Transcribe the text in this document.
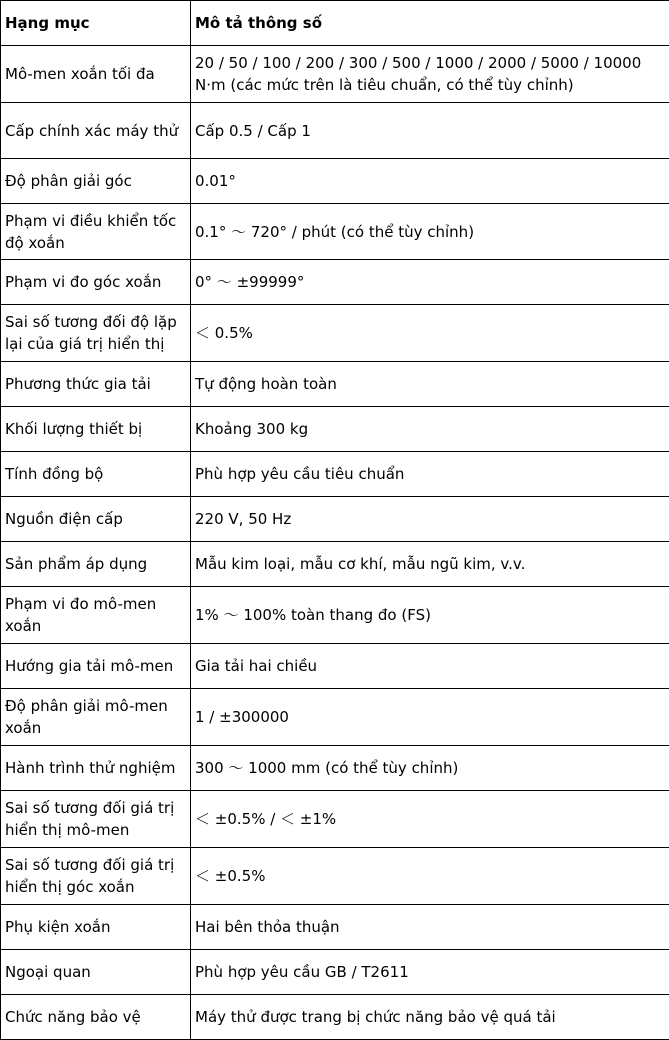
Hạng mục	Mô tả thông số
Mô-men xoắn tối đa	20 / 50 / 100 / 200 / 300 / 500 / 1000 / 2000 / 5000 / 10000 N·m (các mức trên là tiêu chuẩn, có thể tùy chỉnh)
Cấp chính xác máy thử	Cấp 0.5 / Cấp 1
Độ phân giải góc	0.01°
Phạm vi điều khiển tốc độ xoắn	0.1° ～ 720° / phút (có thể tùy chỉnh)
Phạm vi đo góc xoắn	0° ～ ±99999°
Sai số tương đối độ lặp lại của giá trị hiển thị	＜ 0.5%
Phương thức gia tải	Tự động hoàn toàn
Khối lượng thiết bị	Khoảng 300 kg
Tính đồng bộ	Phù hợp yêu cầu tiêu chuẩn
Nguồn điện cấp	220 V, 50 Hz
Sản phẩm áp dụng	Mẫu kim loại, mẫu cơ khí, mẫu ngũ kim, v.v.
Phạm vi đo mô-men xoắn	1% ～ 100% toàn thang đo (FS)
Hướng gia tải mô-men	Gia tải hai chiều
Độ phân giải mô-men xoắn	1 / ±300000
Hành trình thử nghiệm	300 ～ 1000 mm (có thể tùy chỉnh)
Sai số tương đối giá trị hiển thị mô-men	＜ ±0.5% / ＜ ±1%
Sai số tương đối giá trị hiển thị góc xoắn	＜ ±0.5%
Phụ kiện xoắn	Hai bên thỏa thuận
Ngoại quan	Phù hợp yêu cầu GB / T2611
Chức năng bảo vệ	Máy thử được trang bị chức năng bảo vệ quá tải
